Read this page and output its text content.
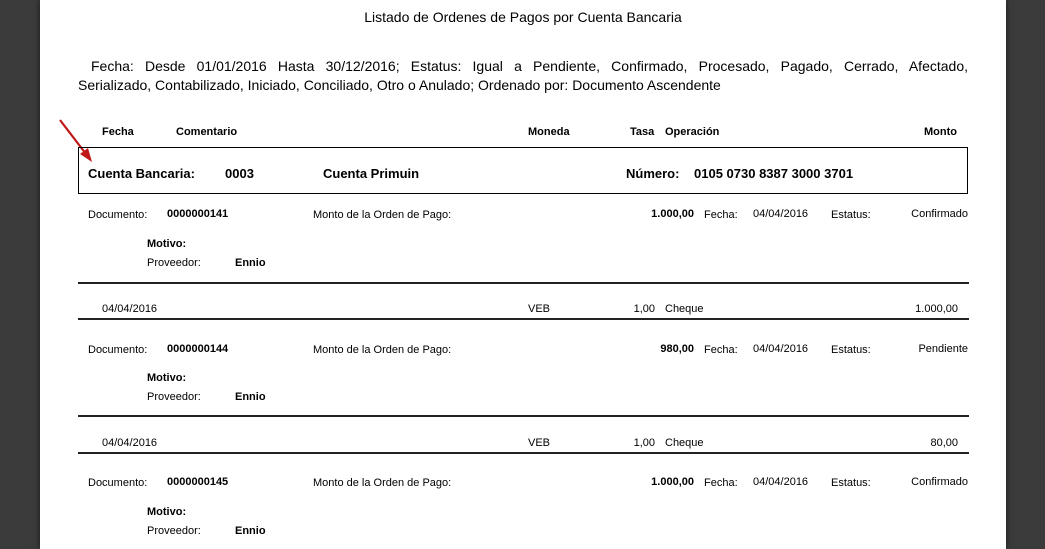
Listado de Ordenes de Pagos por Cuenta Bancaria
Fecha: Desde 01/01/2016 Hasta 30/12/2016; Estatus: Igual a Pendiente, Confirmado, Procesado, Pagado, Cerrado, Afectado,
Serializado, Contabilizado, Iniciado, Conciliado, Otro o Anulado; Ordenado por: Documento Ascendente
Fecha	Comentario	Moneda	Tasa Operación	Monto
Cuenta Bancaria: 0003	Cuenta Primuin	Número: 0105 0730 8387 3000 3701
Documento: 0000000141	Monto de la Orden de Pago:	1.000,00 Fecha: 04/04/2016 Estatus:	Confirmado
Motivo:
Proveedor:	Ennio
04/04/2016	VEB	1,00 Cheque	1.000,00
Documento: 0000000144	Monto de la Orden de Pago:	980,00 Fecha: 04/04/2016 Estatus:	Pendiente
Motivo:
Proveedor:	Ennio
04/04/2016	VEB	1,00 Cheque	80,00
Documento: 0000000145	Monto de la Orden de Pago:	1.000,00 Fecha: 04/04/2016 Estatus:	Confirmado
Motivo:
Proveedor:	Ennio
